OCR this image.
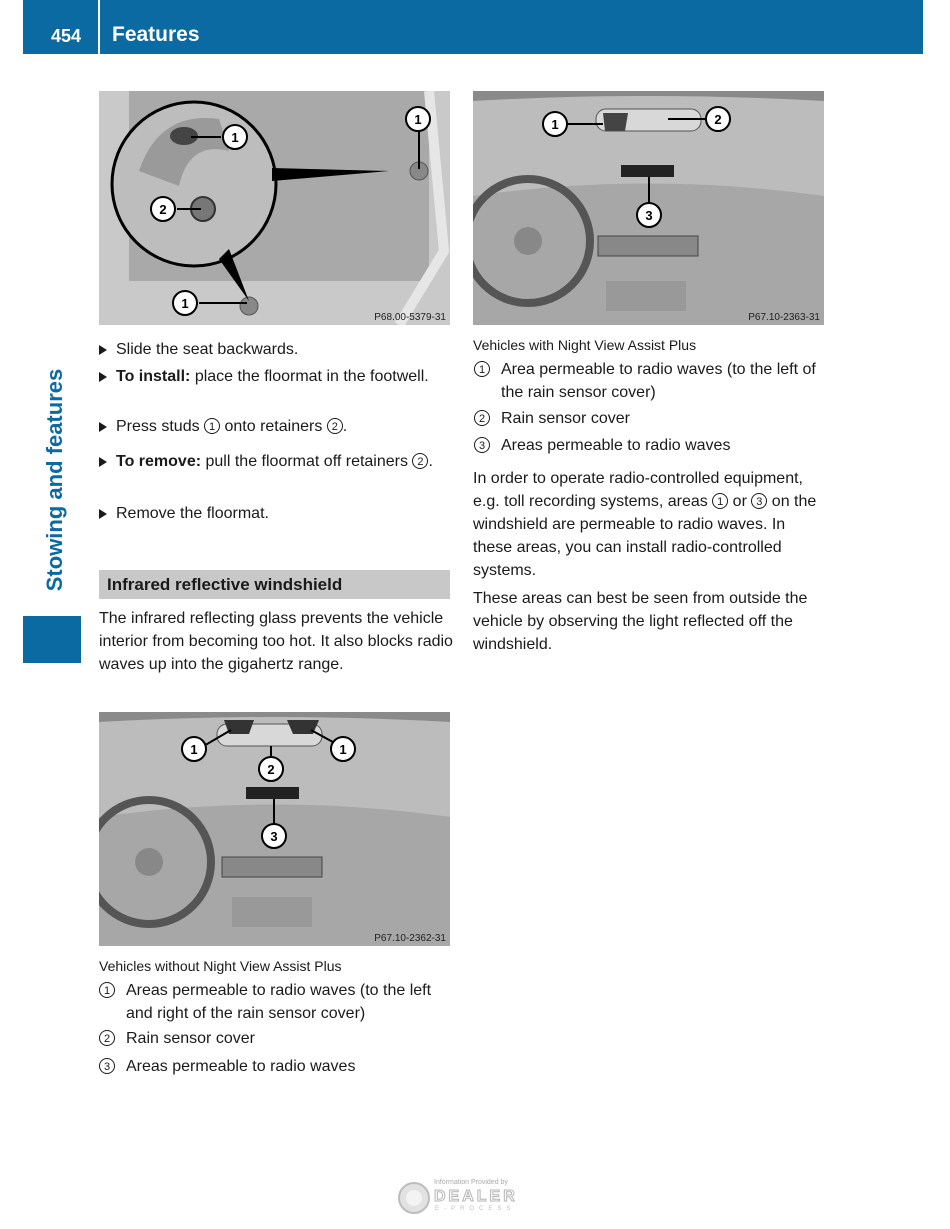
454 Features
Stowing and features
1
2
1
1
P68.00-5379-31
Slide the seat backwards.
To install: place the floormat in the footwell.
Press studs 1 onto retainers 2 .
To remove: pull the floormat off retainers 2 .
Remove the floormat.
Infrared reflective windshield
The infrared reflecting glass prevents the vehicle interior from becoming too hot. It also blocks radio waves up into the gigahertz range.
1
2
1
3
P67.10-2362-31
Vehicles without Night View Assist Plus
1 Areas permeable to radio waves (to the left and right of the rain sensor cover)
2 Rain sensor cover
3 Areas permeable to radio waves
1	2
3
P67.10-2363-31
Vehicles with Night View Assist Plus
1 Area permeable to radio waves (to the left of the rain sensor cover)
2 Rain sensor cover
3 Areas permeable to radio waves
In order to operate radio-controlled equipment, e.g. toll recording systems, areas 1 or 3 on the windshield are permeable to radio waves. In these areas, you can install radio-controlled systems.
These areas can best be seen from outside the vehicle by observing the light reflected off the windshield.
Information Provided by
DEALER
E-PROCESS
